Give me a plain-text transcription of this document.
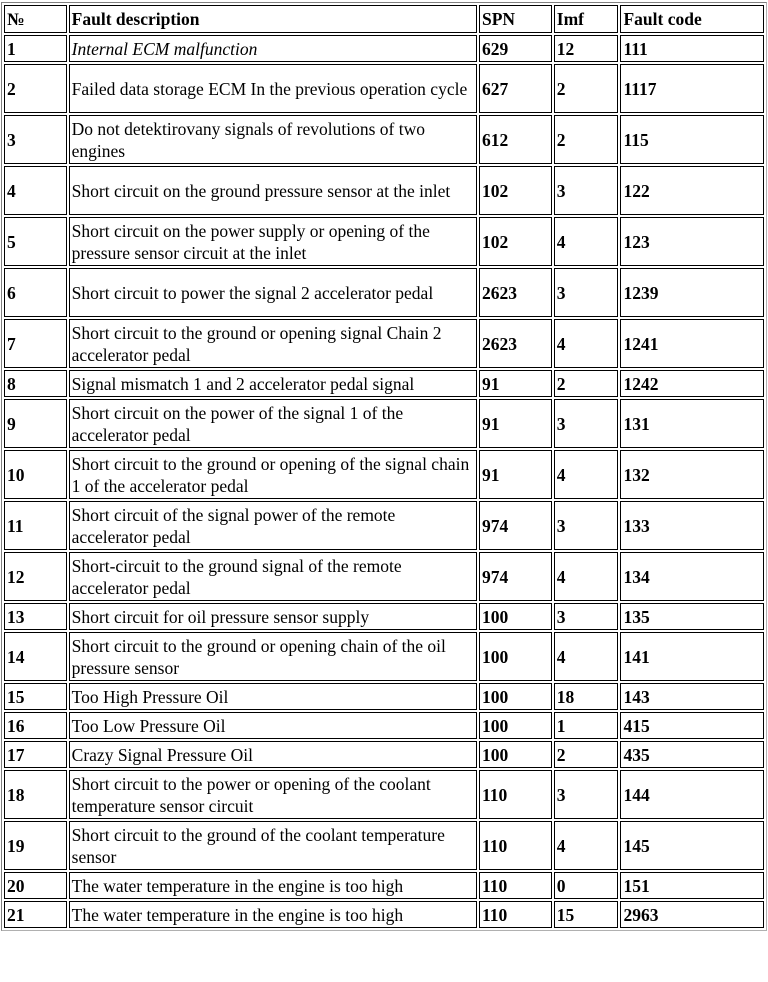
№	Fault description	SPN	Imf	Fault code
1	Internal ECM malfunction	629	12	111
2	Failed data storage ECM In the previous operation cycle	627	2	1117
3	Do not detektirovany signals of revolutions of two engines	612	2	115
4	Short circuit on the ground pressure sensor at the inlet	102	3	122
5	Short circuit on the power supply or opening of the pressure sensor circuit at the inlet	102	4	123
6	Short circuit to power the signal 2 accelerator pedal	2623	3	1239
7	Short circuit to the ground or opening signal Chain 2 accelerator pedal	2623	4	1241
8	Signal mismatch 1 and 2 accelerator pedal signal	91	2	1242
9	Short circuit on the power of the signal 1 of the accelerator pedal	91	3	131
10	Short circuit to the ground or opening of the signal chain 1 of the accelerator pedal	91	4	132
11	Short circuit of the signal power of the remote accelerator pedal	974	3	133
12	Short-circuit to the ground signal of the remote accelerator pedal	974	4	134
13	Short circuit for oil pressure sensor supply	100	3	135
14	Short circuit to the ground or opening chain of the oil pressure sensor	100	4	141
15	Too High Pressure Oil	100	18	143
16	Too Low Pressure Oil	100	1	415
17	Crazy Signal Pressure Oil	100	2	435
18	Short circuit to the power or opening of the coolant temperature sensor circuit	110	3	144
19	Short circuit to the ground of the coolant temperature sensor	110	4	145
20	The water temperature in the engine is too high	110	0	151
21	The water temperature in the engine is too high	110	15	2963
